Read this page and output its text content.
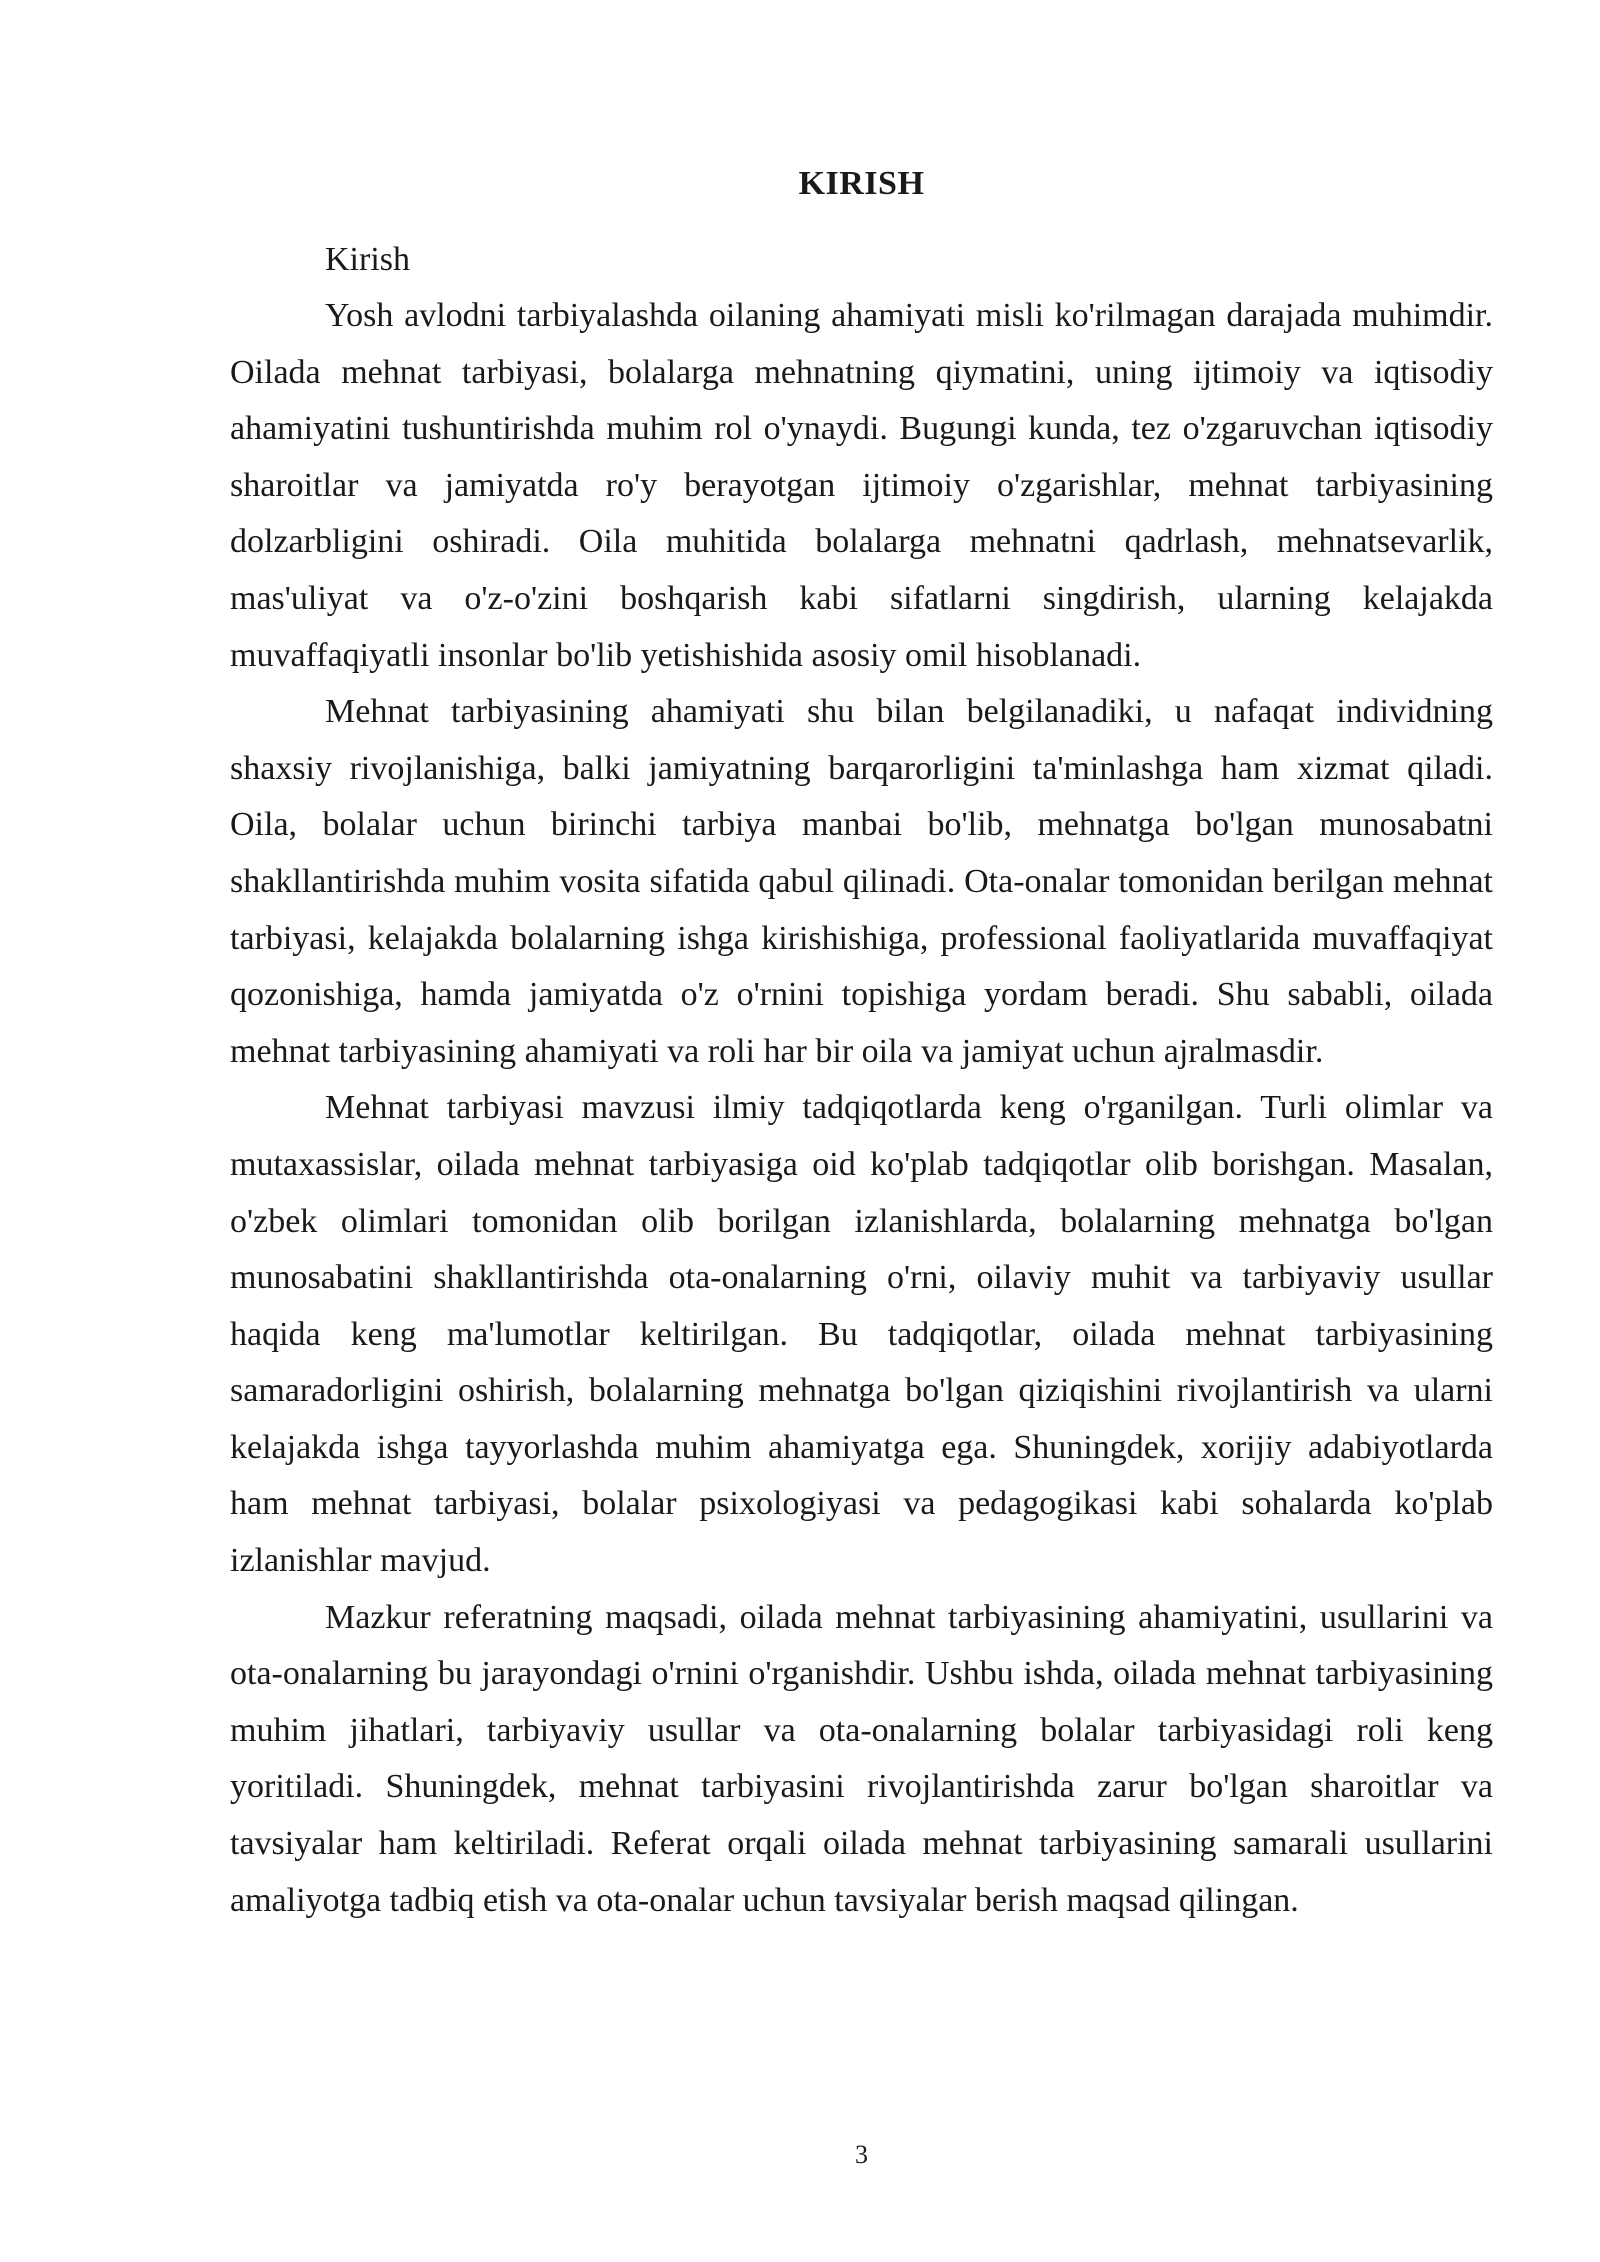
KIRISH

Kirish

Yosh avlodni tarbiyalashda oilaning ahamiyati misli ko'rilmagan darajada muhimdir. Oilada mehnat tarbiyasi, bolalarga mehnatning qiymatini, uning ijtimoiy va iqtisodiy ahamiyatini tushuntirishda muhim rol o'ynaydi. Bugungi kunda, tez o'zgaruvchan iqtisodiy sharoitlar va jamiyatda ro'y berayotgan ijtimoiy o'zgarishlar, mehnat tarbiyasining dolzarbligini oshiradi. Oila muhitida bolalarga mehnatni qadrlash, mehnatsevarlik, mas'uliyat va o'z-o'zini boshqarish kabi sifatlarni singdirish, ularning kelajakda muvaffaqiyatli insonlar bo'lib yetishishida asosiy omil hisoblanadi.

Mehnat tarbiyasining ahamiyati shu bilan belgilanadiki, u nafaqat individning shaxsiy rivojlanishiga, balki jamiyatning barqarorligini ta'minlashga ham xizmat qiladi. Oila, bolalar uchun birinchi tarbiya manbai bo'lib, mehnatga bo'lgan munosabatni shakllantirishda muhim vosita sifatida qabul qilinadi. Ota-onalar tomonidan berilgan mehnat tarbiyasi, kelajakda bolalarning ishga kirishishiga, professional faoliyatlarida muvaffaqiyat qozonishiga, hamda jamiyatda o'z o'rnini topishiga yordam beradi. Shu sababli, oilada mehnat tarbiyasining ahamiyati va roli har bir oila va jamiyat uchun ajralmasdir.

Mehnat tarbiyasi mavzusi ilmiy tadqiqotlarda keng o'rganilgan. Turli olimlar va mutaxassislar, oilada mehnat tarbiyasiga oid ko'plab tadqiqotlar olib borishgan. Masalan, o'zbek olimlari tomonidan olib borilgan izlanishlarda, bolalarning mehnatga bo'lgan munosabatini shakllantirishda ota-onalarning o'rni, oilaviy muhit va tarbiyaviy usullar haqida keng ma'lumotlar keltirilgan. Bu tadqiqotlar, oilada mehnat tarbiyasining samaradorligini oshirish, bolalarning mehnatga bo'lgan qiziqishini rivojlantirish va ularni kelajakda ishga tayyorlashda muhim ahamiyatga ega. Shuningdek, xorijiy adabiyotlarda ham mehnat tarbiyasi, bolalar psixologiyasi va pedagogikasi kabi sohalarda ko'plab izlanishlar mavjud.

Mazkur referatning maqsadi, oilada mehnat tarbiyasining ahamiyatini, usullarini va ota-onalarning bu jarayondagi o'rnini o'rganishdir. Ushbu ishda, oilada mehnat tarbiyasining muhim jihatlari, tarbiyaviy usullar va ota-onalarning bolalar tarbiyasidagi roli keng yoritiladi. Shuningdek, mehnat tarbiyasini rivojlantirishda zarur bo'lgan sharoitlar va tavsiyalar ham keltiriladi. Referat orqali oilada mehnat tarbiyasining samarali usullarini amaliyotga tadbiq etish va ota-onalar uchun tavsiyalar berish maqsad qilingan.

3
